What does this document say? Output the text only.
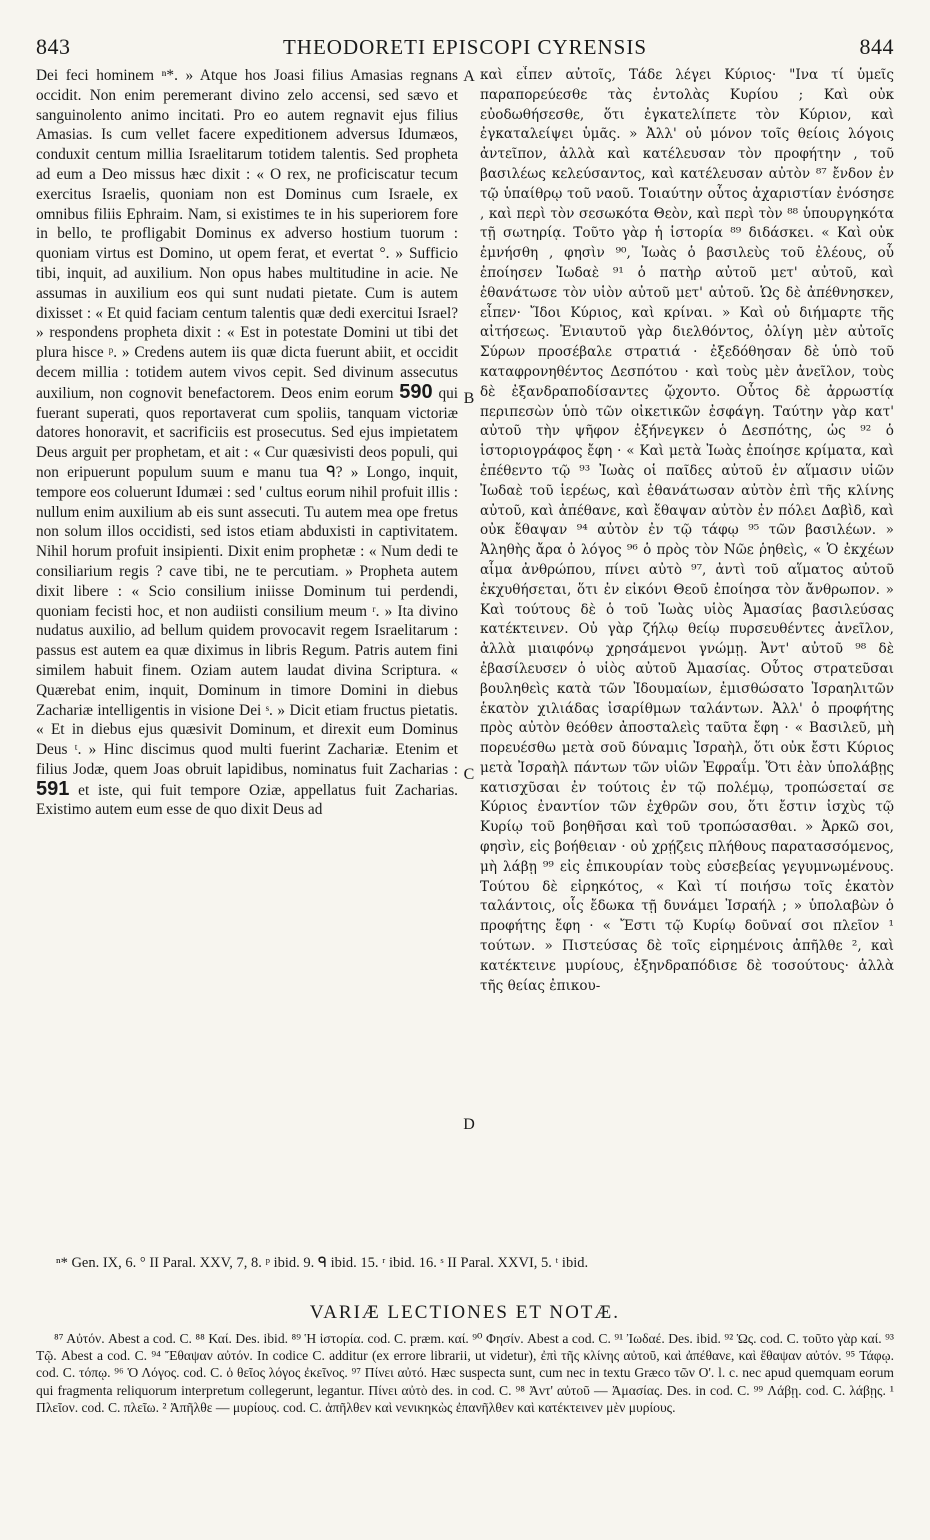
843	THEODORETI EPISCOPI CYRENSIS	844

Dei feci hominem ⁿ*. » Atque hos Joasi filius Amasias regnans occidit. Non enim peremerant divino zelo accensi, sed sævo et sanguinolento animo incitati. Pro eo autem regnavit ejus filius Amasias. Is cum vellet facere expeditionem adversus Idumæos, conduxit centum millia Israelitarum totidem talentis. Sed propheta ad eum a Deo missus hæc dixit : « O rex, ne proficiscatur tecum exercitus Israelis, quoniam non est Dominus cum Israele, ex omnibus filiis Ephraim. Nam, si existimes te in his superiorem fore in bello, te profligabit Dominus ex adverso hostium tuorum : quoniam virtus est Domino, ut opem ferat, et evertat °. » Sufficio tibi, inquit, ad auxilium. Non opus habes multitudine in acie. Ne assumas in auxilium eos qui sunt nudati pietate. Cum is autem dixisset : « Et quid faciam centum talentis quæ dedi exercitui Israel? » respondens propheta dixit : « Est in potestate Domini ut tibi det plura hisce ᵖ. » Credens autem iis quæ dicta fuerunt abiit, et occidit decem millia : totidem autem vivos cepit. Sed divinum assecutus auxilium, non cognovit benefactorem. Deos enim eorum 590 qui fuerant superati, quos reportaverat cum spoliis, tanquam victoriæ datores honoravit, et sacrificiis est prosecutus. Sed ejus impietatem Deus arguit per prophetam, et ait : « Cur quæsivisti deos populi, qui non eripuerunt populum suum e manu tua ᑫ? » Longo, inquit, tempore eos coluerunt Idumæi : sed ' cultus eorum nihil profuit illis : nullum enim auxilium ab eis sunt assecuti. Tu autem mea ope fretus non solum illos occidisti, sed istos etiam abduxisti in captivitatem. Nihil horum profuit insipienti. Dixit enim prophetæ : « Num dedi te consiliarium regis ? cave tibi, ne te percutiam. » Propheta autem dixit libere : « Scio consilium iniisse Dominum tui perdendi, quoniam fecisti hoc, et non audiisti consilium meum ʳ. » Ita divino nudatus auxilio, ad bellum quidem provocavit regem Israelitarum : passus est autem ea quæ diximus in libris Regum. Patris autem fini similem habuit finem. Oziam autem laudat divina Scriptura. « Quærebat enim, inquit, Dominum in timore Domini in diebus Zachariæ intelligentis in visione Dei ˢ. » Dicit etiam fructus pietatis. « Et in diebus ejus quæsivit Dominum, et direxit eum Dominus Deus ᵗ. » Hinc discimus quod multi fuerint Zachariæ. Etenim et filius Jodæ, quem Joas obruit lapidibus, nominatus fuit Zacharias : 591 et iste, qui fuit tempore Oziæ, appellatus fuit Zacharias. Existimo autem eum esse de quo dixit Deus ad

A
B
C
D

καὶ εἶπεν αὐτοῖς, Τάδε λέγει Κύριος· "Ινα τί ὑμεῖς παραπορεύεσθε τὰς ἐντολὰς Κυρίου ; Καὶ οὐκ εὐοδωθήσεσθε, ὅτι ἐγκατελίπετε τὸν Κύριον, καὶ ἐγκαταλείψει ὑμᾶς. » Ἀλλ' οὐ μόνον τοῖς θείοις λόγοις ἀντεῖπον, ἀλλὰ καὶ κατέλευσαν τὸν προφήτην , τοῦ βασιλέως κελεύσαντος, καὶ κατέλευσαν αὐτὸν ⁸⁷ ἔνδον ἐν τῷ ὑπαίθρῳ τοῦ ναοῦ. Τοιαύτην οὗτος ἀχαριστίαν ἐνόσησε , καὶ περὶ τὸν σεσωκότα Θεὸν, καὶ περὶ τὸν ⁸⁸ ὑπουργηκότα τῇ σωτηρίᾳ. Τοῦτο γὰρ ἡ ἱστορία ⁸⁹ διδάσκει. « Καὶ οὐκ ἐμνήσθη , φησὶν ⁹⁰, Ἰωὰς ὁ βασιλεὺς τοῦ ἐλέους, οὗ ἐποίησεν Ἰωδαὲ ⁹¹ ὁ πατὴρ αὐτοῦ μετ' αὐτοῦ, καὶ ἐθανάτωσε τὸν υἱὸν αὐτοῦ μετ' αὐτοῦ. Ὡς δὲ ἀπέθνησκεν, εἶπεν· Ἴδοι Κύριος, καὶ κρίναι. » Καὶ οὐ διήμαρτε τῆς αἰτήσεως. Ἐνιαυτοῦ γὰρ διελθόντος, ὀλίγη μὲν αὐτοῖς Σύρων προσέβαλε στρατιά · ἐξεδόθησαν δὲ ὑπὸ τοῦ καταφρονηθέντος Δεσπότου · καὶ τοὺς μὲν ἀνεῖλον, τοὺς δὲ ἐξανδραποδίσαντες ᾤχοντο. Οὗτος δὲ ἀρρωστίᾳ περιπεσὼν ὑπὸ τῶν οἰκετικῶν ἐσφάγη. Ταύτην γὰρ κατ' αὐτοῦ τὴν ψῆφον ἐξήνεγκεν ὁ Δεσπότης, ὡς ⁹² ὁ ἱστοριογράφος ἔφη · « Καὶ μετὰ Ἰωὰς ἐποίησε κρίματα, καὶ ἐπέθεντο τῷ ⁹³ Ἰωὰς οἱ παῖδες αὐτοῦ ἐν αἵμασιν υἱῶν Ἰωδαὲ τοῦ ἱερέως, καὶ ἐθανάτωσαν αὐτὸν ἐπὶ τῆς κλίνης αὐτοῦ, καὶ ἀπέθανε, καὶ ἔθαψαν αὐτὸν ἐν πόλει Δαβὶδ, καὶ οὐκ ἔθαψαν ⁹⁴ αὐτὸν ἐν τῷ τάφῳ ⁹⁵ τῶν βασιλέων. » Ἀληθὴς ἄρα ὁ λόγος ⁹⁶ ὁ πρὸς τὸν Νῶε ῥηθεὶς, « Ὁ ἐκχέων αἷμα ἀνθρώπου, πίνει αὐτὸ ⁹⁷, ἀντὶ τοῦ αἵματος αὐτοῦ ἐκχυθήσεται, ὅτι ἐν εἰκόνι Θεοῦ ἐποίησα τὸν ἄνθρωπον. » Καὶ τούτους δὲ ὁ τοῦ Ἰωὰς υἱὸς Ἀμασίας βασιλεύσας κατέκτεινεν. Οὐ γὰρ ζήλῳ θείῳ πυρσευθέντες ἀνεῖλον, ἀλλὰ μιαιφόνῳ χρησάμενοι γνώμῃ. Ἀντ' αὐτοῦ ⁹⁸ δὲ ἐβασίλευσεν ὁ υἱὸς αὐτοῦ Ἀμασίας. Οὗτος στρατεῦσαι βουληθεὶς κατὰ τῶν Ἰδουμαίων, ἐμισθώσατο Ἰσραηλιτῶν ἑκατὸν χιλιάδας ἰσαρίθμων ταλάντων. Ἀλλ' ὁ προφήτης πρὸς αὐτὸν θεόθεν ἀποσταλεὶς ταῦτα ἔφη · « Βασιλεῦ, μὴ πορευέσθω μετὰ σοῦ δύναμις Ἰσραὴλ, ὅτι οὐκ ἔστι Κύριος μετὰ Ἰσραὴλ πάντων τῶν υἱῶν Ἐφραΐμ. Ὅτι ἐὰν ὑπολάβῃς κατισχῦσαι ἐν τούτοις ἐν τῷ πολέμῳ, τροπώσεταί σε Κύριος ἐναντίον τῶν ἐχθρῶν σου, ὅτι ἔστιν ἰσχὺς τῷ Κυρίῳ τοῦ βοηθῆσαι καὶ τοῦ τροπώσασθαι. » Ἀρκῶ σοι, φησὶν, εἰς βοήθειαν · οὐ χρῄζεις πλήθους παρατασσόμενος, μὴ λάβῃ ⁹⁹ εἰς ἐπικουρίαν τοὺς εὐσεβείας γεγυμνωμένους. Τούτου δὲ εἰρηκότος, « Καὶ τί ποιήσω τοῖς ἑκατὸν ταλάντοις, οἷς ἔδωκα τῇ δυνάμει Ἰσραήλ ; » ὑπολαβὼν ὁ προφήτης ἔφη · « Ἔστι τῷ Κυρίῳ δοῦναί σοι πλεῖον ¹ τούτων. » Πιστεύσας δὲ τοῖς εἰρημένοις ἀπῆλθε ², καὶ κατέκτεινε μυρίους, ἐξηνδραπόδισε δὲ τοσούτους· ἀλλὰ τῆς θείας ἐπικου-

ⁿ* Gen. IX, 6. ° II Paral. XXV, 7, 8. ᵖ ibid. 9. ᑫ ibid. 15. ʳ ibid. 16. ˢ II Paral. XXVI, 5. ᵗ ibid.

VARIÆ LECTIONES ET NOTÆ.

⁸⁷ Αὐτόν. Abest a cod. C. ⁸⁸ Καί. Des. ibid. ⁸⁹ Ἡ ἱστορία. cod. C. præm. καί. ⁹⁰ Φησίν. Abest a cod. C. ⁹¹ Ἰωδαέ. Des. ibid. ⁹² Ὡς. cod. C. τοῦτο γὰρ καί. ⁹³ Τῷ. Abest a cod. C. ⁹⁴ Ἔθαψαν αὐτόν. In codice C. additur (ex errore librarii, ut videtur), ἐπὶ τῆς κλίνης αὐτοῦ, καὶ ἀπέθανε, καὶ ἔθαψαν αὐτόν. ⁹⁵ Τάφῳ. cod. C. τόπῳ. ⁹⁶ Ὁ Λόγος. cod. C. ὁ θεῖος λόγος ἐκεῖνος. ⁹⁷ Πίνει αὐτό. Hæc suspecta sunt, cum nec in textu Græco τῶν Ο'. l. c. nec apud quemquam eorum qui fragmenta reliquorum interpretum collegerunt, legantur. Πίνει αὐτὸ des. in cod. C. ⁹⁸ Ἀντ' αὐτοῦ — Ἀμασίας. Des. in cod. C. ⁹⁹ Λάβῃ. cod. C. λάβῃς. ¹ Πλεῖον. cod. C. πλεῖω. ² Ἀπῆλθε — μυρίους. cod. C. ἀπῆλθεν καὶ νενικηκὼς ἐπανῆλθεν καὶ κατέκτεινεν μὲν μυρίους.
